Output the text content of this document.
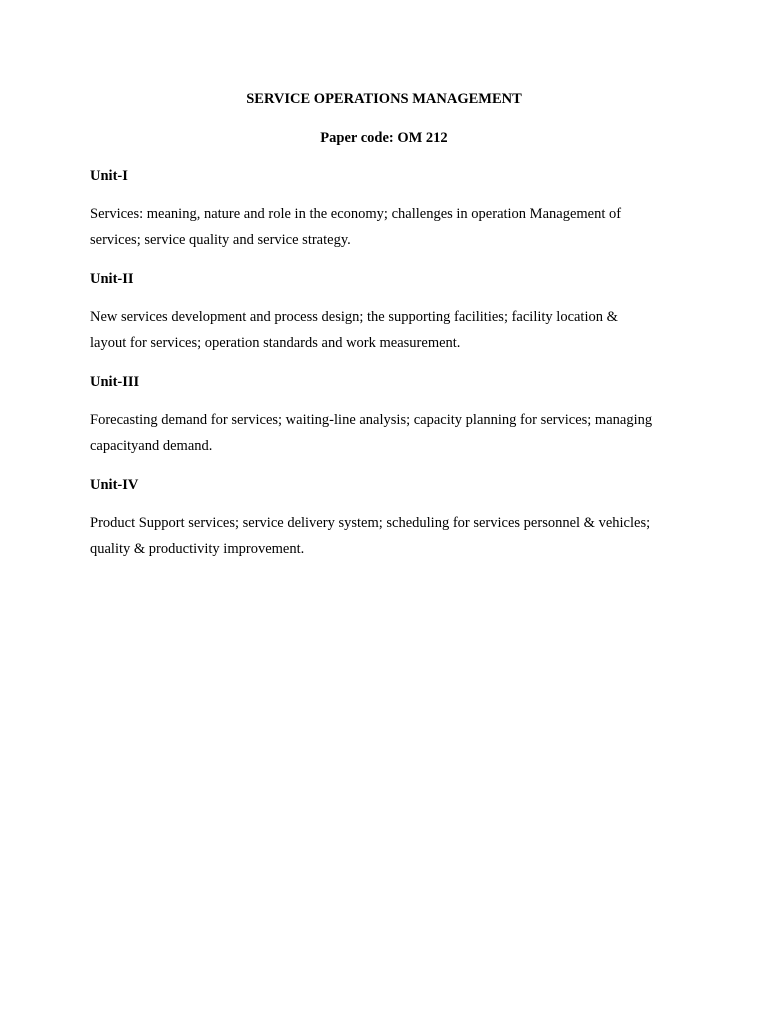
SERVICE OPERATIONS MANAGEMENT
Paper code: OM 212
Unit-I
Services: meaning, nature and role in the economy; challenges in operation Management of
services; service quality and service strategy.
Unit-II
New services development and process design; the supporting facilities; facility location &
layout for services; operation standards and work measurement.
Unit-III
Forecasting demand for services; waiting-line analysis; capacity planning for services; managing
capacityand demand.
Unit-IV
Product Support services; service delivery system; scheduling for services personnel & vehicles;
quality & productivity improvement.
